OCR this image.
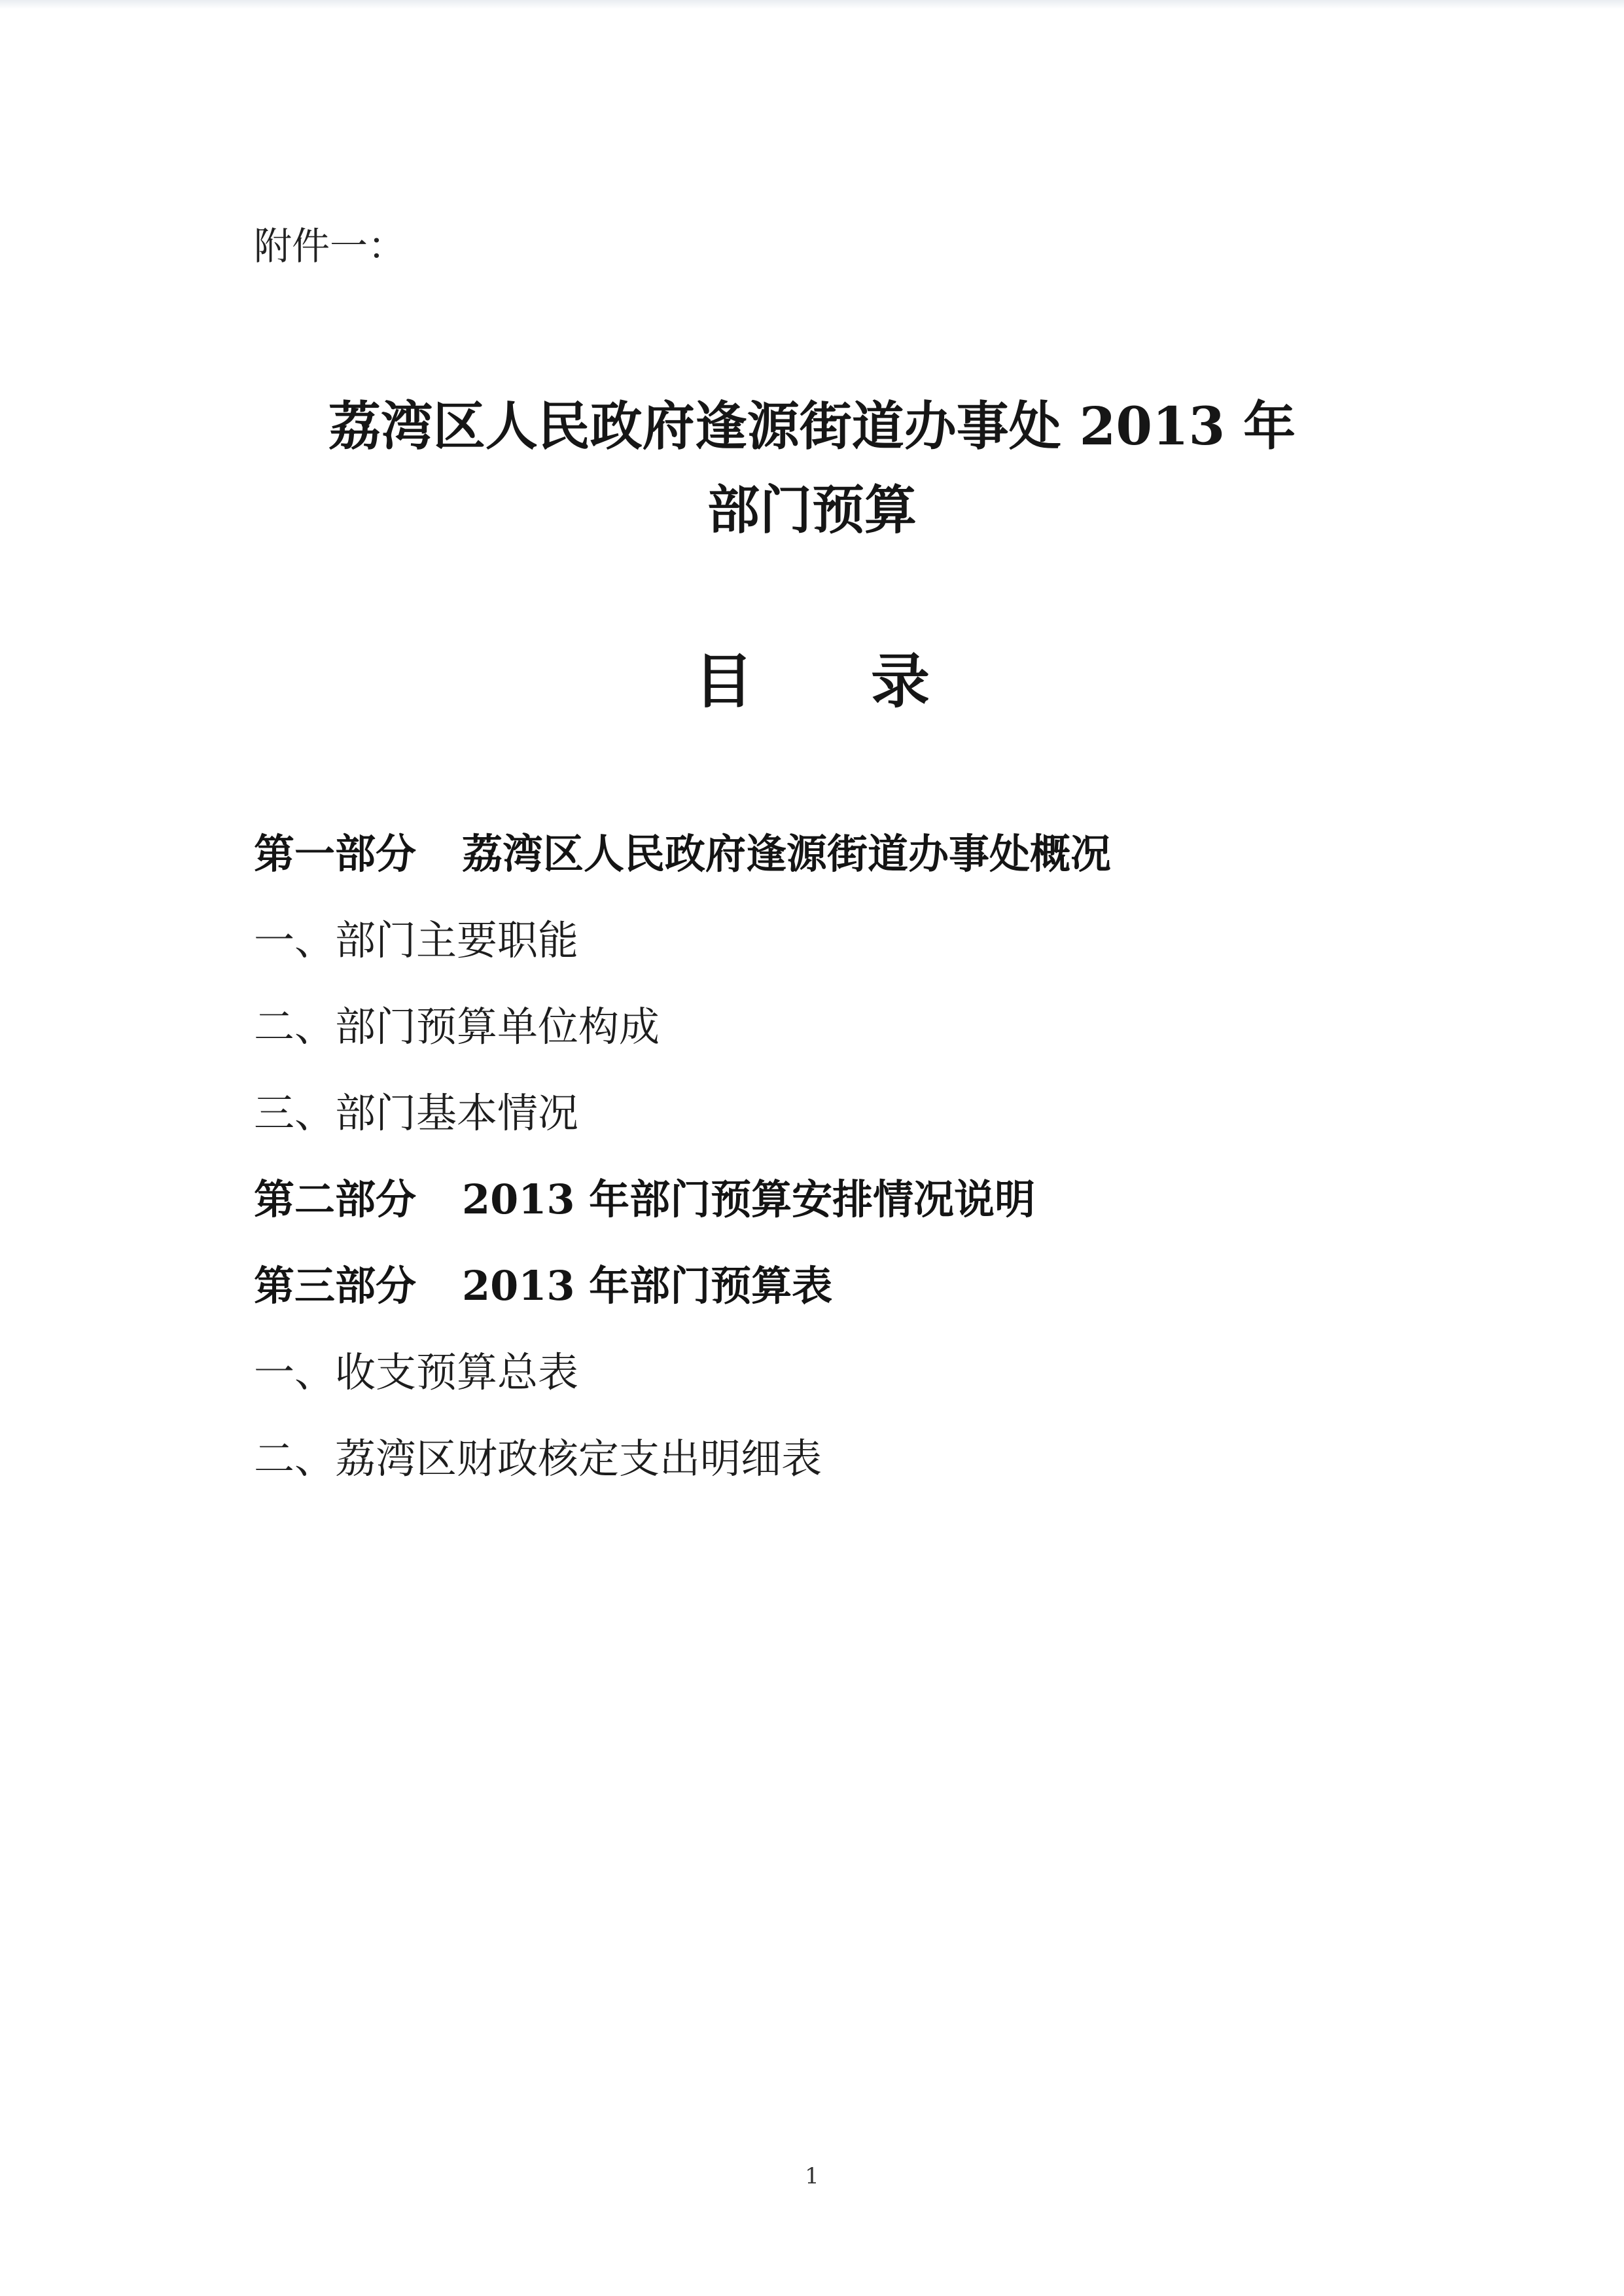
附件一：
荔湾区人民政府逢源街道办事处 2013 年
部门预算
目录
第一部分 荔湾区人民政府逢源街道办事处概况
一、部门主要职能
二、部门预算单位构成
三、部门基本情况
第二部分 2013 年部门预算安排情况说明
第三部分 2013 年部门预算表
一、收支预算总表
二、荔湾区财政核定支出明细表
1
